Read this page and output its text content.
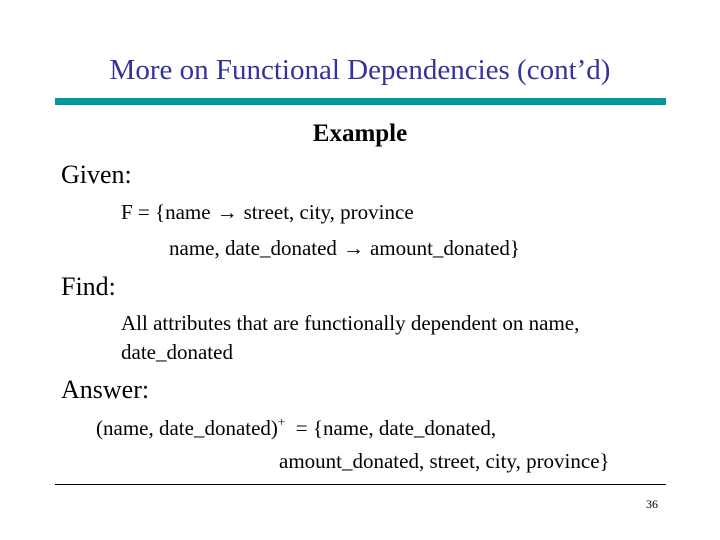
More on Functional Dependencies (cont’d)
Example
Given:
F = {name → street, city, province
name, date_donated → amount_donated}
Find:
All attributes that are functionally dependent on name,
date_donated
Answer:
(name, date_donated)+ = {name, date_donated,
amount_donated, street, city, province}
36
